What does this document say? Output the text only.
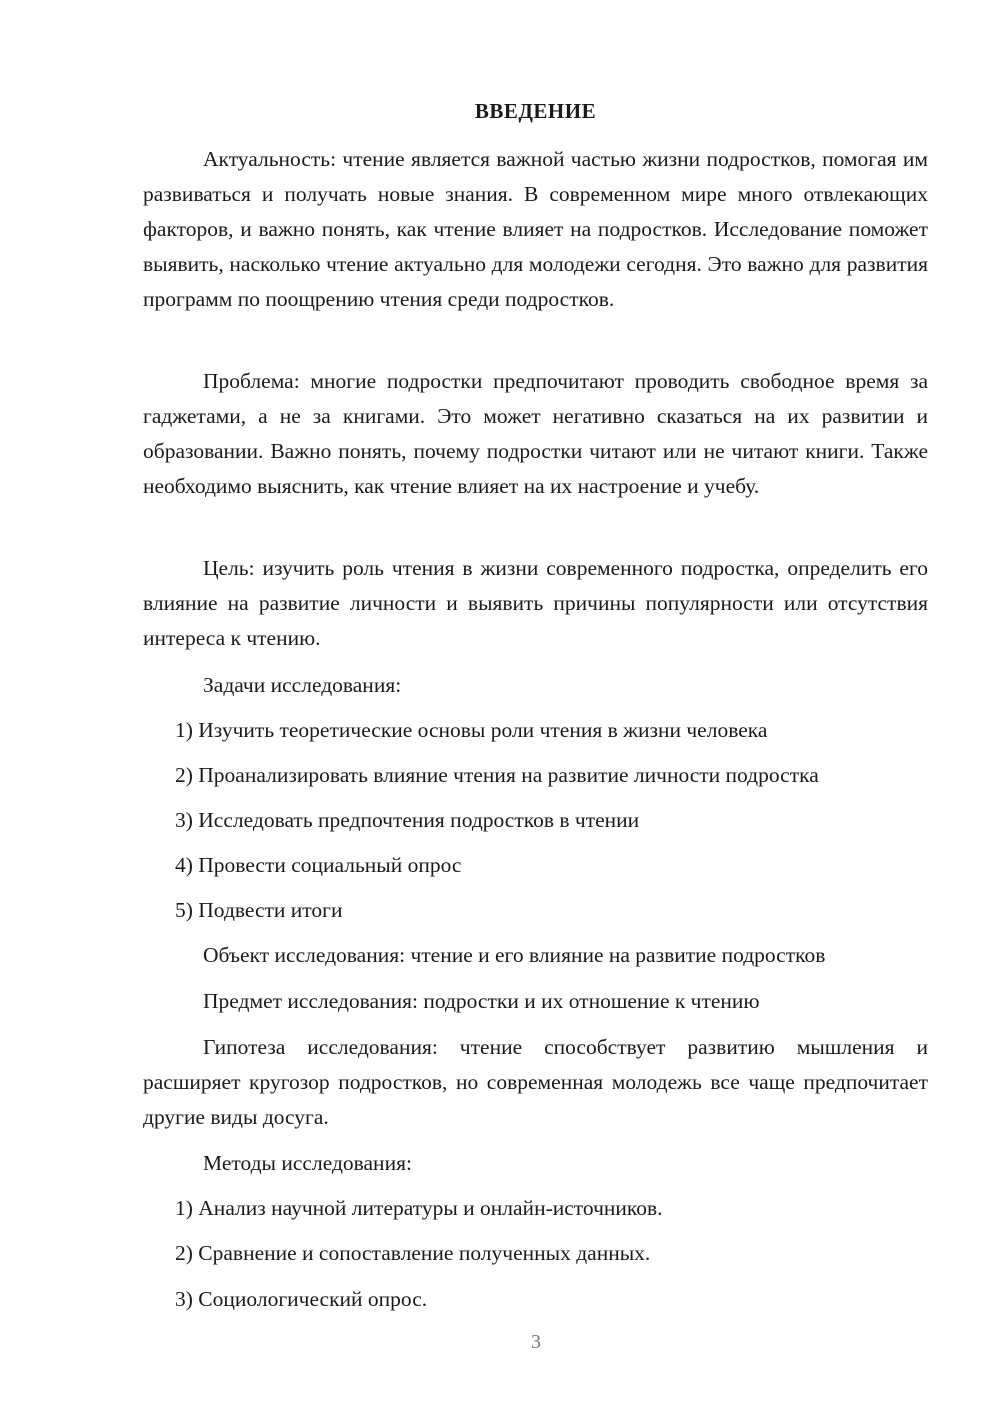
ВВЕДЕНИЕ

Актуальность: чтение является важной частью жизни подростков, помогая им развиваться и получать новые знания. В современном мире много отвлекающих факторов, и важно понять, как чтение влияет на подростков. Исследование поможет выявить, насколько чтение актуально для молодежи сегодня. Это важно для развития программ по поощрению чтения среди подростков.

Проблема: многие подростки предпочитают проводить свободное время за гаджетами, а не за книгами. Это может негативно сказаться на их развитии и образовании. Важно понять, почему подростки читают или не читают книги. Также необходимо выяснить, как чтение влияет на их настроение и учебу.

Цель: изучить роль чтения в жизни современного подростка, определить его влияние на развитие личности и выявить причины популярности или отсутствия интереса к чтению.

Задачи исследования:

1) Изучить теоретические основы роли чтения в жизни человека

2) Проанализировать влияние чтения на развитие личности подростка

3) Исследовать предпочтения подростков в чтении

4) Провести социальный опрос

5) Подвести итоги

Объект исследования: чтение и его влияние на развитие подростков

Предмет исследования: подростки и их отношение к чтению

Гипотеза исследования: чтение способствует развитию мышления и расширяет кругозор подростков, но современная молодежь все чаще предпочитает другие виды досуга.

Методы исследования:

1) Анализ научной литературы и онлайн-источников.

2) Сравнение и сопоставление полученных данных.

3) Социологический опрос.

3
